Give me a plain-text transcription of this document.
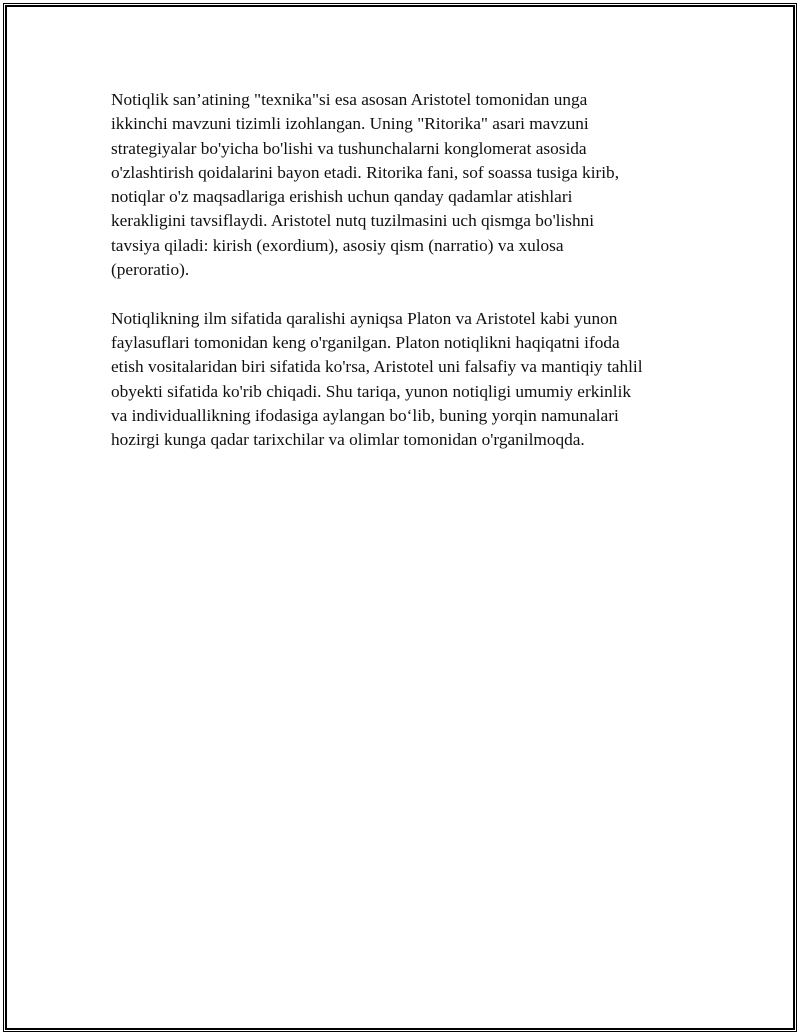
Notiqlik san’atining "texnika"si esa asosan Aristotel tomonidan unga
ikkinchi mavzuni tizimli izohlangan. Uning "Ritorika" asari mavzuni
strategiyalar bo'yicha bo'lishi va tushunchalarni konglomerat asosida
o'zlashtirish qoidalarini bayon etadi. Ritorika fani, sof soassa tusiga kirib,
notiqlar o'z maqsadlariga erishish uchun qanday qadamlar atishlari
kerakligini tavsiflaydi. Aristotel nutq tuzilmasini uch qismga bo'lishni
tavsiya qiladi: kirish (exordium), asosiy qism (narratio) va xulosa
(peroratio).

Notiqlikning ilm sifatida qaralishi ayniqsa Platon va Aristotel kabi yunon
faylasuflari tomonidan keng o'rganilgan. Platon notiqlikni haqiqatni ifoda
etish vositalaridan biri sifatida ko'rsa, Aristotel uni falsafiy va mantiqiy tahlil
obyekti sifatida ko'rib chiqadi. Shu tariqa, yunon notiqligi umumiy erkinlik
va individuallikning ifodasiga aylangan bo‘lib, buning yorqin namunalari
hozirgi kunga qadar tarixchilar va olimlar tomonidan o'rganilmoqda.
